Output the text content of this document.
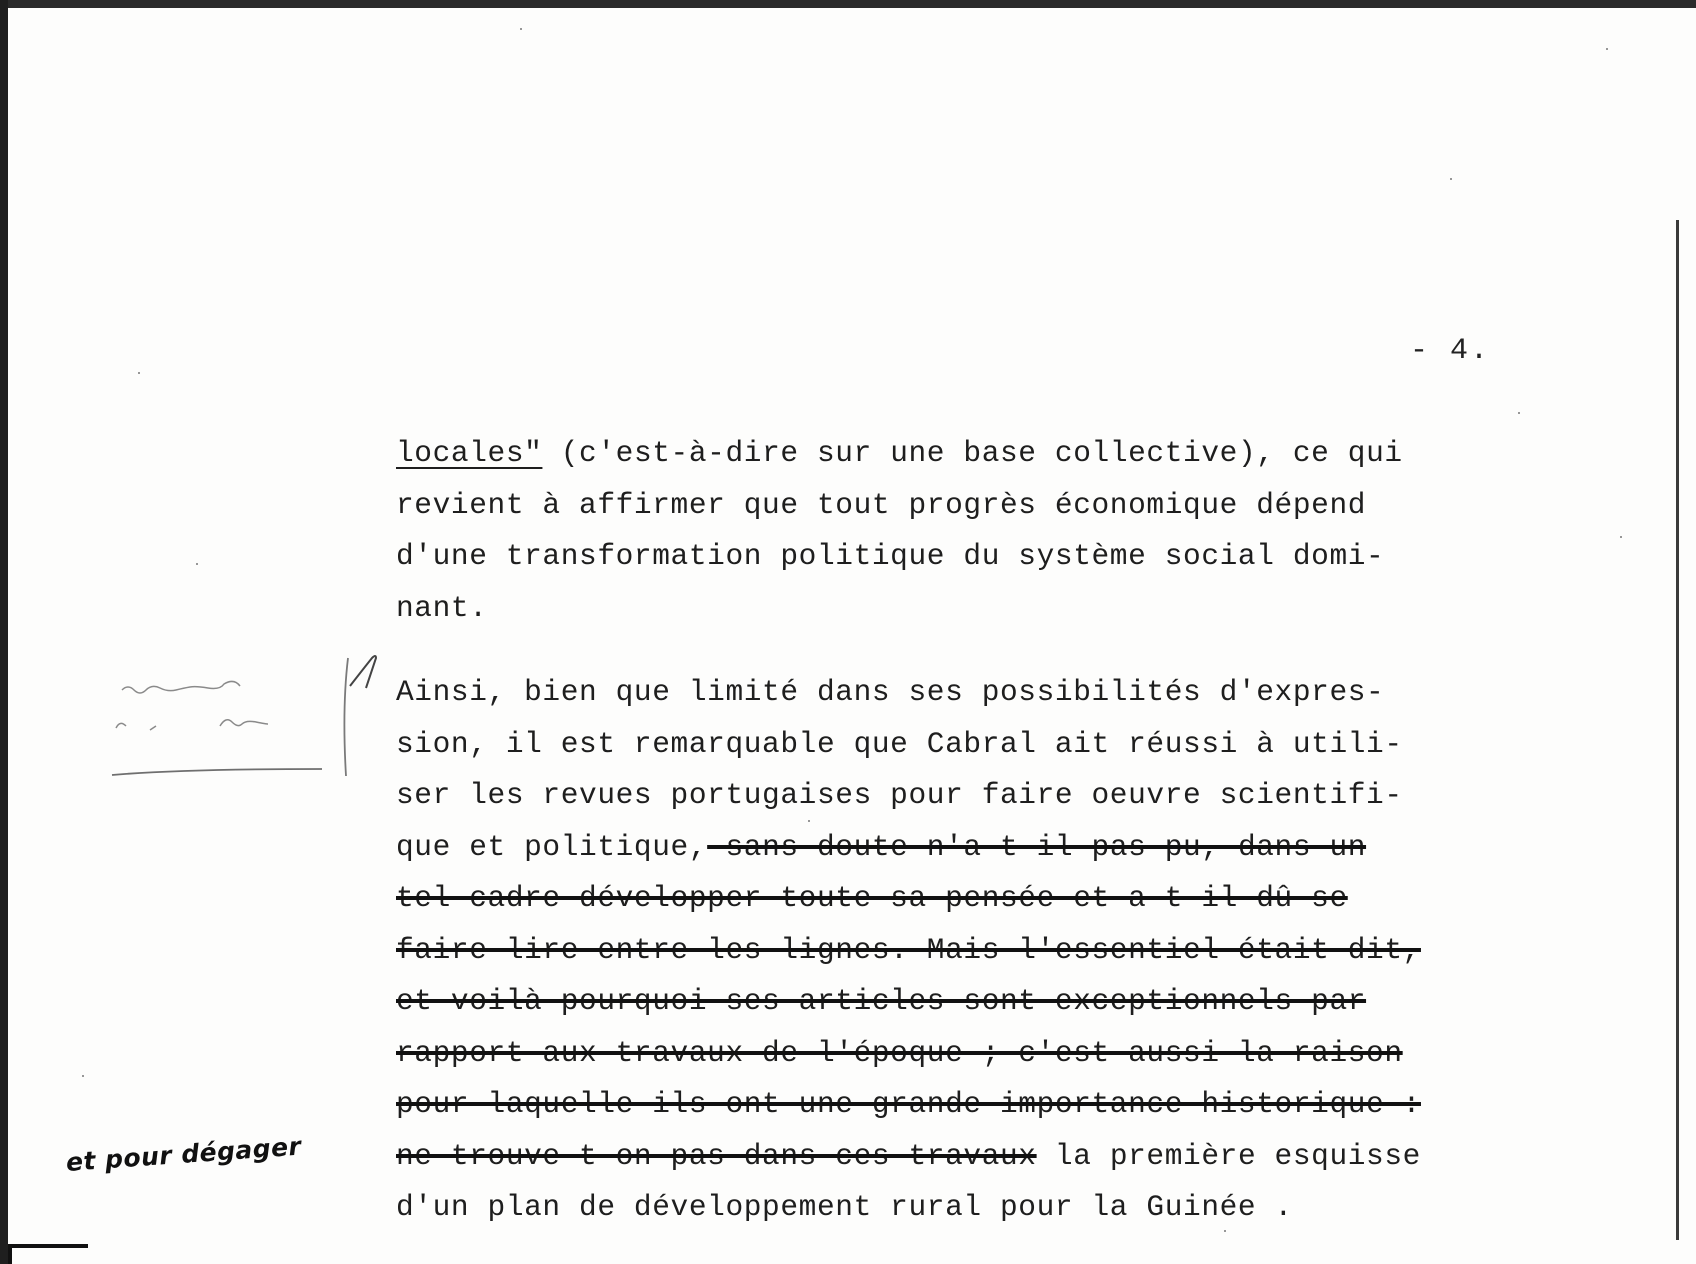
- 4.
locales" (c'est-à-dire sur une base collective), ce qui
revient à affirmer que tout progrès économique dépend
d'une transformation politique du système social domi-
nant.
Ainsi, bien que limité dans ses possibilités d'expres-
sion, il est remarquable que Cabral ait réussi à utili-
ser les revues portugaises pour faire oeuvre scientifi-
que et politique, sans doute n'a t il pas pu, dans un
tel cadre développer toute sa pensée et a t il dû se
faire lire entre les lignes. Mais l'essentiel était dit,
et voilà pourquoi ses articles sont exceptionnels par
rapport aux travaux de l'époque ; c'est aussi la raison
pour laquelle ils ont une grande importance historique :
ne trouve t on pas dans ces travaux la première esquisse
d'un plan de développement rural pour la Guinée .
et pour dégager
